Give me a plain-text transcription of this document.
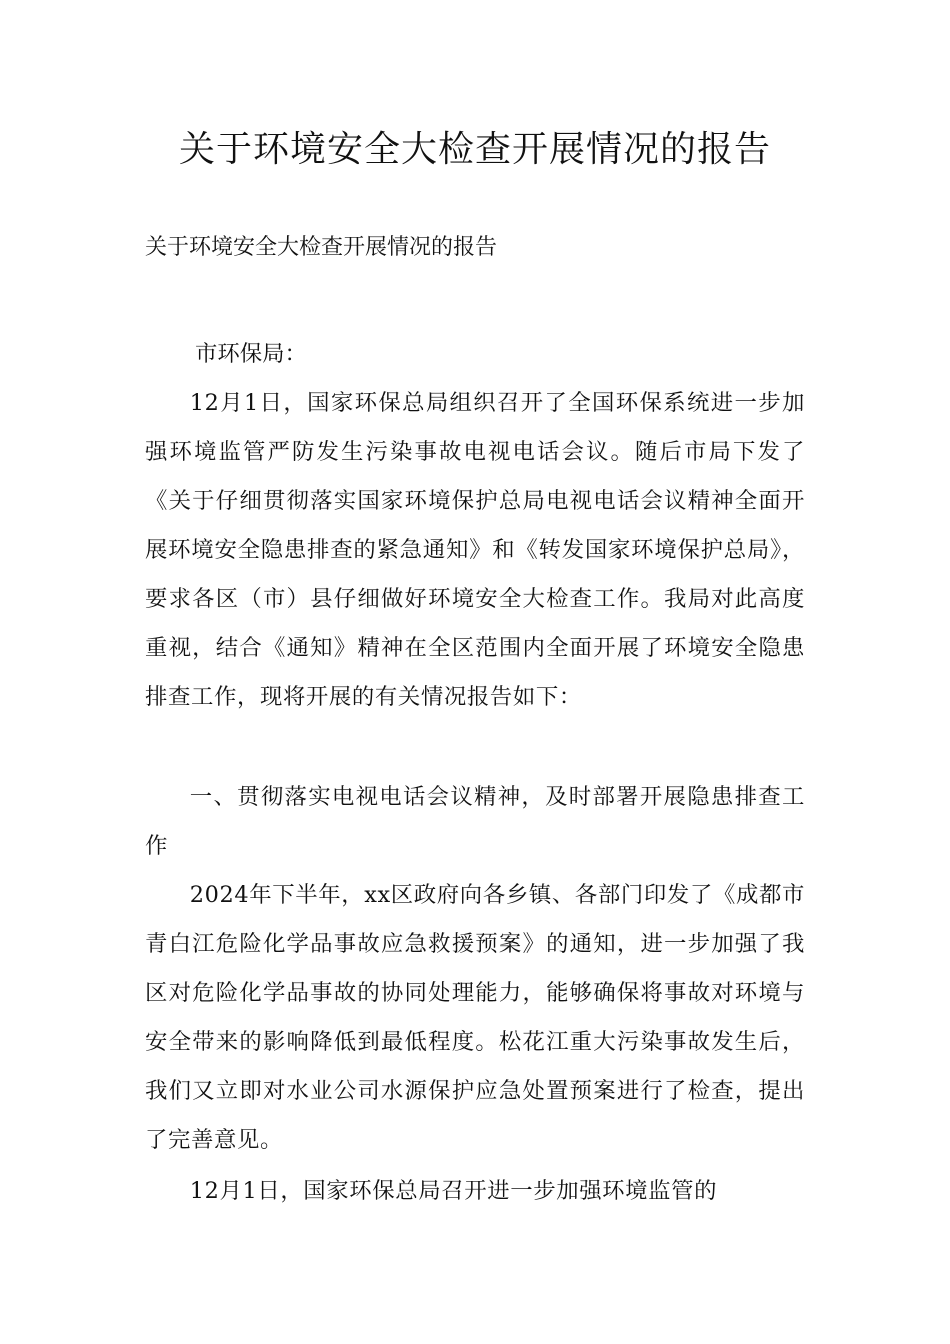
关于环境安全大检查开展情况的报告
关于环境安全大检查开展情况的报告
市环保局：

12月1日，国家环保总局组织召开了全国环保系统进一步加强环境监管严防发生污染事故电视电话会议。随后市局下发了《关于仔细贯彻落实国家环境保护总局电视电话会议精神全面开展环境安全隐患排查的紧急通知》和《转发国家环境保护总局》，要求各区（市）县仔细做好环境安全大检查工作。我局对此高度重视，结合《通知》精神在全区范围内全面开展了环境安全隐患排查工作，现将开展的有关情况报告如下：

一、贯彻落实电视电话会议精神，及时部署开展隐患排查工作

2024年下半年，xx区政府向各乡镇、各部门印发了《成都市青白江危险化学品事故应急救援预案》的通知，进一步加强了我区对危险化学品事故的协同处理能力，能够确保将事故对环境与安全带来的影响降低到最低程度。松花江重大污染事故发生后，我们又立即对水业公司水源保护应急处置预案进行了检查，提出了完善意见。

12月1日，国家环保总局召开进一步加强环境监管的
